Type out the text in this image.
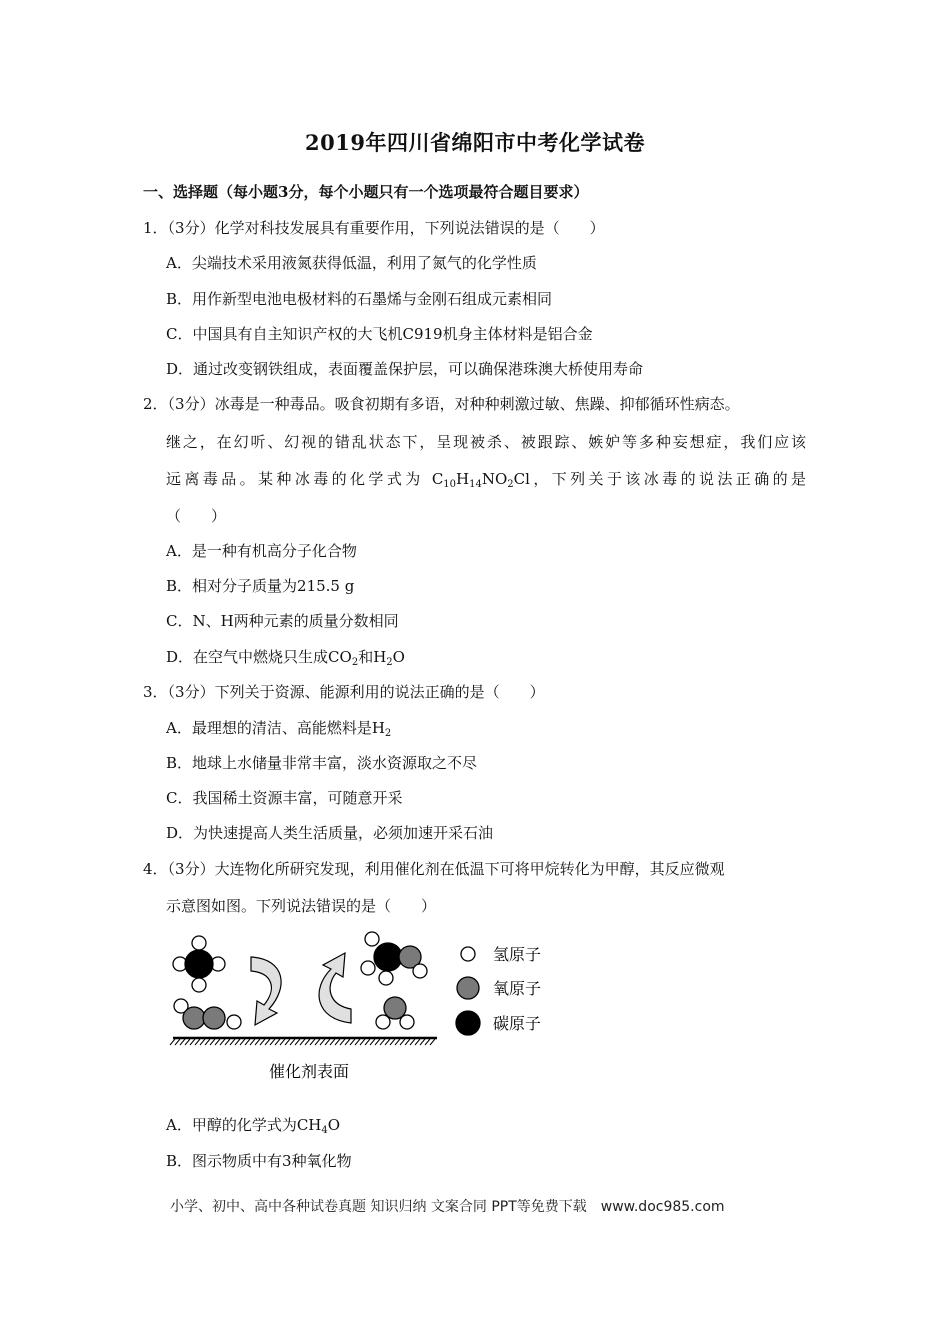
2019年四川省绵阳市中考化学试卷
一、选择题（每小题3分，每个小题只有一个选项最符合题目要求）
1．（3分）化学对科技发展具有重要作用，下列说法错误的是（　　）
A．尖端技术采用液氮获得低温，利用了氮气的化学性质
B．用作新型电池电极材料的石墨烯与金刚石组成元素相同
C．中国具有自主知识产权的大飞机C919机身主体材料是铝合金
D．通过改变钢铁组成，表面覆盖保护层，可以确保港珠澳大桥使用寿命
2．（3分）冰毒是一种毒品。吸食初期有多语，对种种刺激过敏、焦躁、抑郁循环性病态。
继之，在幻听、幻视的错乱状态下，呈现被杀、被跟踪、嫉妒等多种妄想症，我们应该
远离毒品。某种冰毒的化学式为 $C_{10}H_{14}NO_2Cl$，下列关于该冰毒的说法正确的是
（　　）
A．是一种有机高分子化合物
B．相对分子质量为215.5 g
C．N、H两种元素的质量分数相同
D．在空气中燃烧只生成$CO_2$和$H_2O$
3．（3分）下列关于资源、能源利用的说法正确的是（　　）
A．最理想的清洁、高能燃料是$H_2$
B．地球上水储量非常丰富，淡水资源取之不尽
C．我国稀土资源丰富，可随意开采
D．为快速提高人类生活质量，必须加速开采石油
4．（3分）大连物化所研究发现，利用催化剂在低温下可将甲烷转化为甲醇，其反应微观
示意图如图。下列说法错误的是（　　）
氢原子
氧原子
碳原子
催化剂表面
A．甲醇的化学式为$CH_4O$
B．图示物质中有3种氧化物
小学、初中、高中各种试卷真题 知识归纳 文案合同 PPT等免费下载　www.doc985.com
